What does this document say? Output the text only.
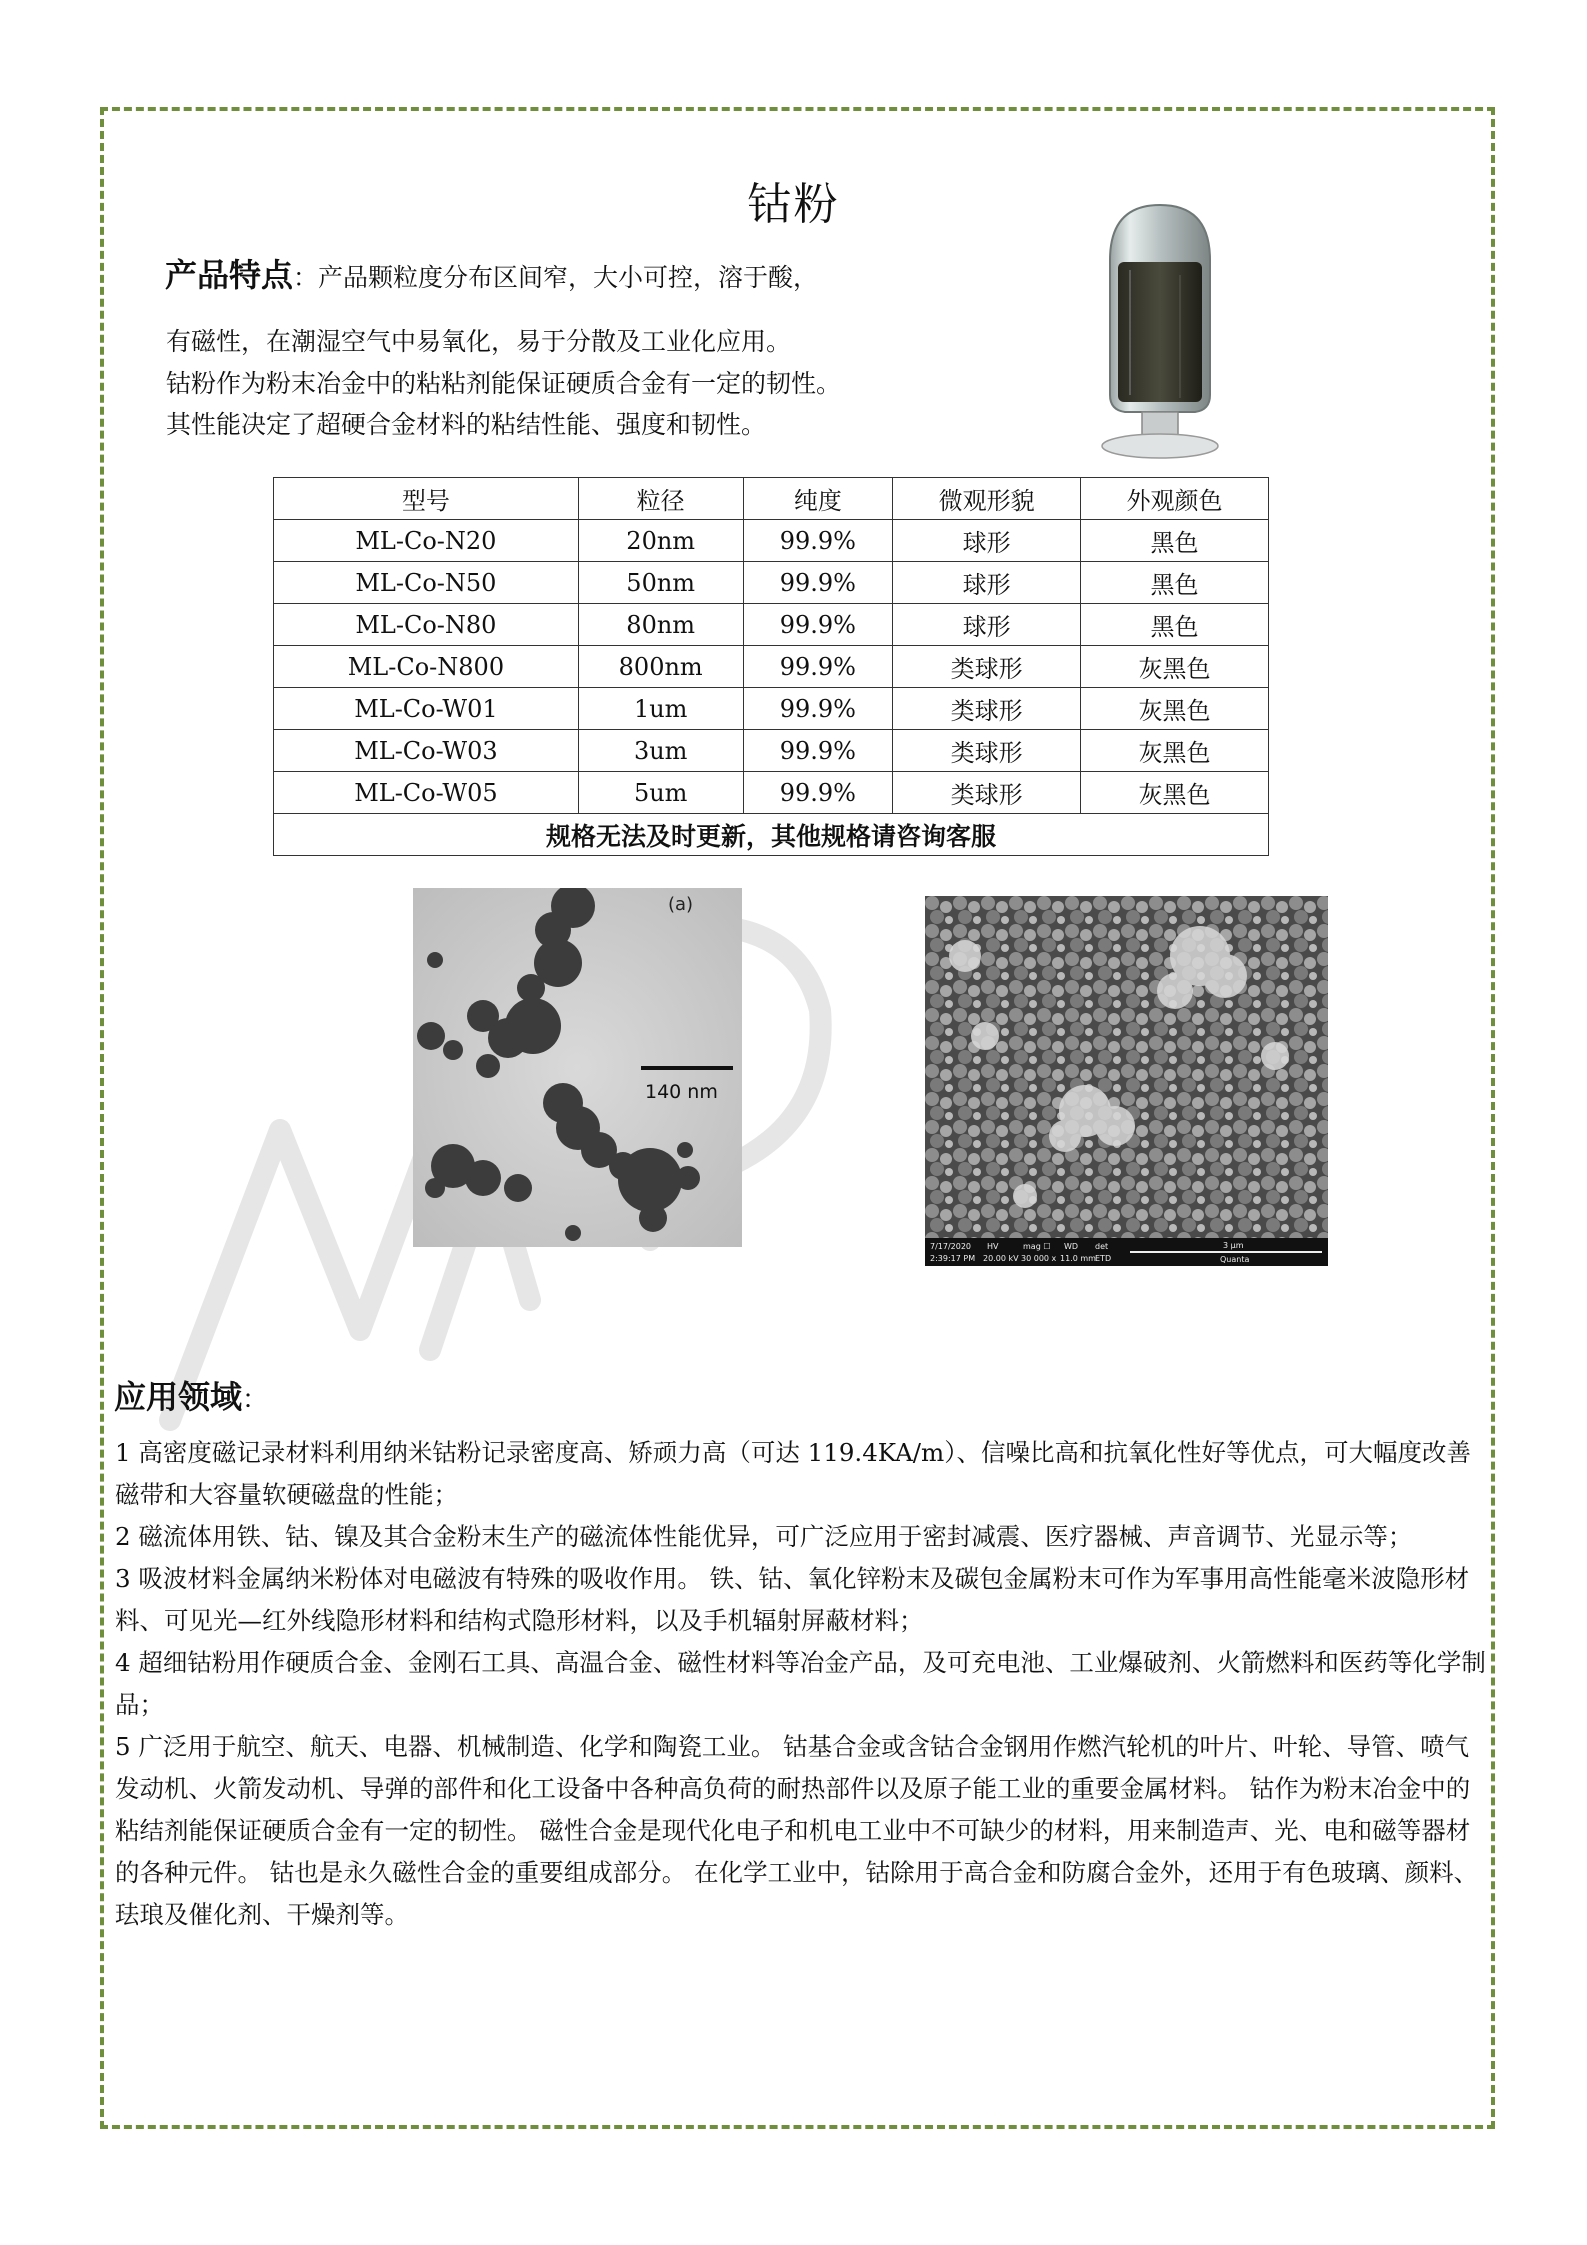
钴粉
产品特点：产品颗粒度分布区间窄，大小可控，溶于酸，
有磁性，在潮湿空气中易氧化，易于分散及工业化应用。
钴粉作为粉末冶金中的粘粘剂能保证硬质合金有一定的韧性。
其性能决定了超硬合金材料的粘结性能、强度和韧性。
型号	粒径	纯度	微观形貌	外观颜色
ML-Co-N20	20nm	99.9%	球形	黑色
ML-Co-N50	50nm	99.9%	球形	黑色
ML-Co-N80	80nm	99.9%	球形	黑色
ML-Co-N800	800nm	99.9%	类球形	灰黑色
ML-Co-W01	1um	99.9%	类球形	灰黑色
ML-Co-W03	3um	99.9%	类球形	灰黑色
ML-Co-W05	5um	99.9%	类球形	灰黑色
规格无法及时更新，其他规格请咨询客服				
(a)
140 nm
7/17/2020
2:39:17 PM
HV
20.00 kV
mag ☐
30 000 x
WD
11.0 mm
det
ETD
3 μm
Quanta
应用领域：

1 高密度磁记录材料利用纳米钴粉记录密度高、矫顽力高（可达 119.4KA/m）、信噪比高和抗氧化性好等优点，可大幅度改善磁带和大容量软硬磁盘的性能；

2 磁流体用铁、钴、镍及其合金粉末生产的磁流体性能优异，可广泛应用于密封减震、医疗器械、声音调节、光显示等；

3 吸波材料金属纳米粉体对电磁波有特殊的吸收作用。 铁、钴、氧化锌粉末及碳包金属粉末可作为军事用高性能毫米波隐形材料、可见光—红外线隐形材料和结构式隐形材料，以及手机辐射屏蔽材料；

4 超细钴粉用作硬质合金、金刚石工具、高温合金、磁性材料等冶金产品，及可充电池、工业爆破剂、火箭燃料和医药等化学制品；

5 广泛用于航空、航天、电器、机械制造、化学和陶瓷工业。 钴基合金或含钴合金钢用作燃汽轮机的叶片、叶轮、导管、喷气发动机、火箭发动机、导弹的部件和化工设备中各种高负荷的耐热部件以及原子能工业的重要金属材料。 钴作为粉末冶金中的粘结剂能保证硬质合金有一定的韧性。 磁性合金是现代化电子和机电工业中不可缺少的材料，用来制造声、光、电和磁等器材的各种元件。 钴也是永久磁性合金的重要组成部分。 在化学工业中，钴除用于高合金和防腐合金外，还用于有色玻璃、颜料、珐琅及催化剂、干燥剂等。
